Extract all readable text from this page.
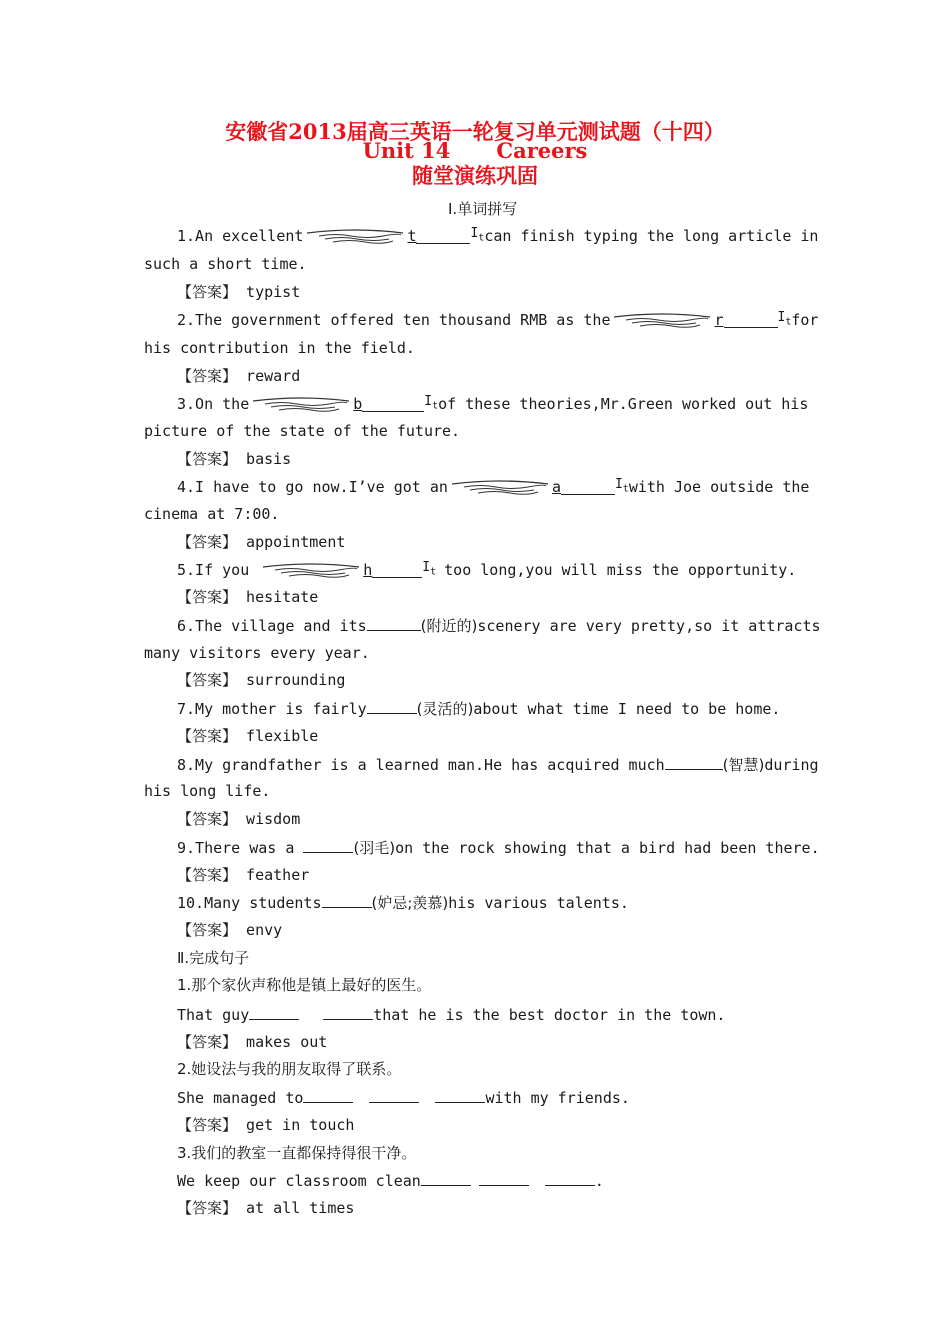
安徽省2013届高三英语一轮复习单元测试题（十四）
Unit 14 Careers
随堂演练巩固
Ⅰ.单词拼写
1.An excellent	t	$I_t$ can finish typing the long article in
such a short time.
【答案】 typist
2.The government offered ten thousand RMB as the	r	$I_t$ for
his contribution in the field.
【答案】 reward
3.On the	b	$I_t$ of these theories,Mr.Green worked out his
picture of the state of the future.
【答案】 basis
4.I have to go now.I’ve got an	a	$I_t$ with Joe outside the
cinema at 7:00.
【答案】 appointment
5.If you	h	$I_t$ too long,you will miss the opportunity.
【答案】 hesitate
6.The village and its	(附近的)scenery are very pretty,so it attracts
many visitors every year.
【答案】 surrounding
7.My mother is fairly	(灵活的)about what time I need to be home.
【答案】 flexible
8.My grandfather is a learned man.He has acquired much	(智慧)during
his long life.
【答案】 wisdom
9.There was a	(羽毛)on the rock showing that a bird had been there.
【答案】 feather
10.Many students	(妒忌;羡慕)his various talents.
【答案】 envy
Ⅱ.完成句子
1.那个家伙声称他是镇上最好的医生。
That guy	that he is the best doctor in the town.
【答案】 makes out
2.她设法与我的朋友取得了联系。
She managed to	with my friends.
【答案】 get in touch
3.我们的教室一直都保持得很干净。
We keep our classroom clean	.
【答案】 at all times
